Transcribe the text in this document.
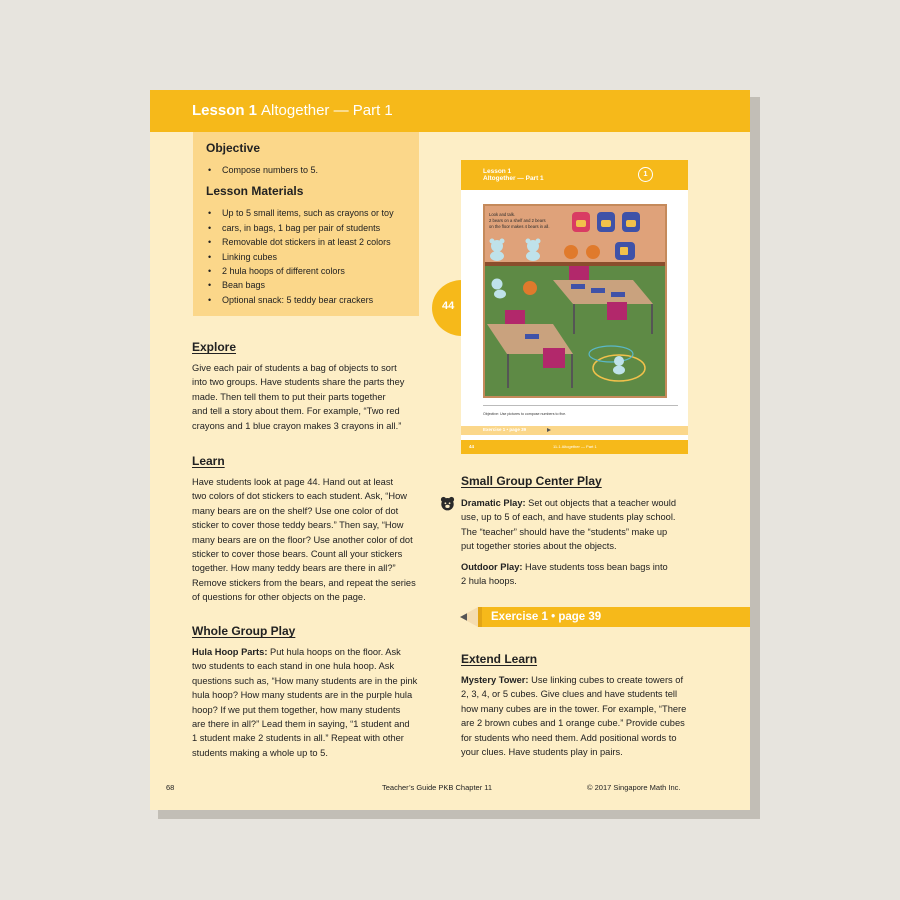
Lesson 1 Altogether — Part 1
Objective
• Compose numbers to 5.
Lesson Materials
• Up to 5 small items, such as crayons or toy
• cars, in bags, 1 bag per pair of students
• Removable dot stickers in at least 2 colors
• Linking cubes
• 2 hula hoops of different colors
• Bean bags
• Optional snack: 5 teddy bear crackers
44
Explore
Give each pair of students a bag of objects to sort
into two groups. Have students share the parts they
made. Then tell them to put their parts together
and tell a story about them. For example, “Two red
crayons and 1 blue crayon makes 3 crayons in all.”
Learn
Have students look at page 44. Hand out at least
two colors of dot stickers to each student. Ask, “How
many bears are on the shelf? Use one color of dot
sticker to cover those teddy bears.” Then say, “How
many bears are on the floor? Use another color of dot
sticker to cover those bears. Count all your stickers
together. How many teddy bears are there in all?”
Remove stickers from the bears, and repeat the series
of questions for other objects on the page.
Whole Group Play
Hula Hoop Parts: Put hula hoops on the floor. Ask
two students to each stand in one hula hoop. Ask
questions such as, “How many students are in the pink
hula hoop? How many students are in the purple hula
hoop? If we put them together, how many students
are there in all?” Lead them in saying, “1 student and
1 student make 2 students in all.” Repeat with other
students making a whole up to 5.
Lesson 1
Altogether — Part 1
1
Look and talk.
2 bears on a shelf and 2 bears
on the floor makes 4 bears in all.
Objective: Use pictures to compose numbers to five.
Exercise 1 • page 39
44	11-1 Altogether — Part 1
Small Group Center Play
Dramatic Play: Set out objects that a teacher would
use, up to 5 of each, and have students play school.
The “teacher” should have the “students” make up
put together stories about the objects.
Outdoor Play: Have students toss bean bags into
2 hula hoops.
Exercise 1 • page 39
Extend Learn
Mystery Tower: Use linking cubes to create towers of
2, 3, 4, or 5 cubes. Give clues and have students tell
how many cubes are in the tower. For example, “There
are 2 brown cubes and 1 orange cube.” Provide cubes
for students who need them. Add positional words to
your clues. Have students play in pairs.
68	Teacher’s Guide PKB Chapter 11	© 2017 Singapore Math Inc.
